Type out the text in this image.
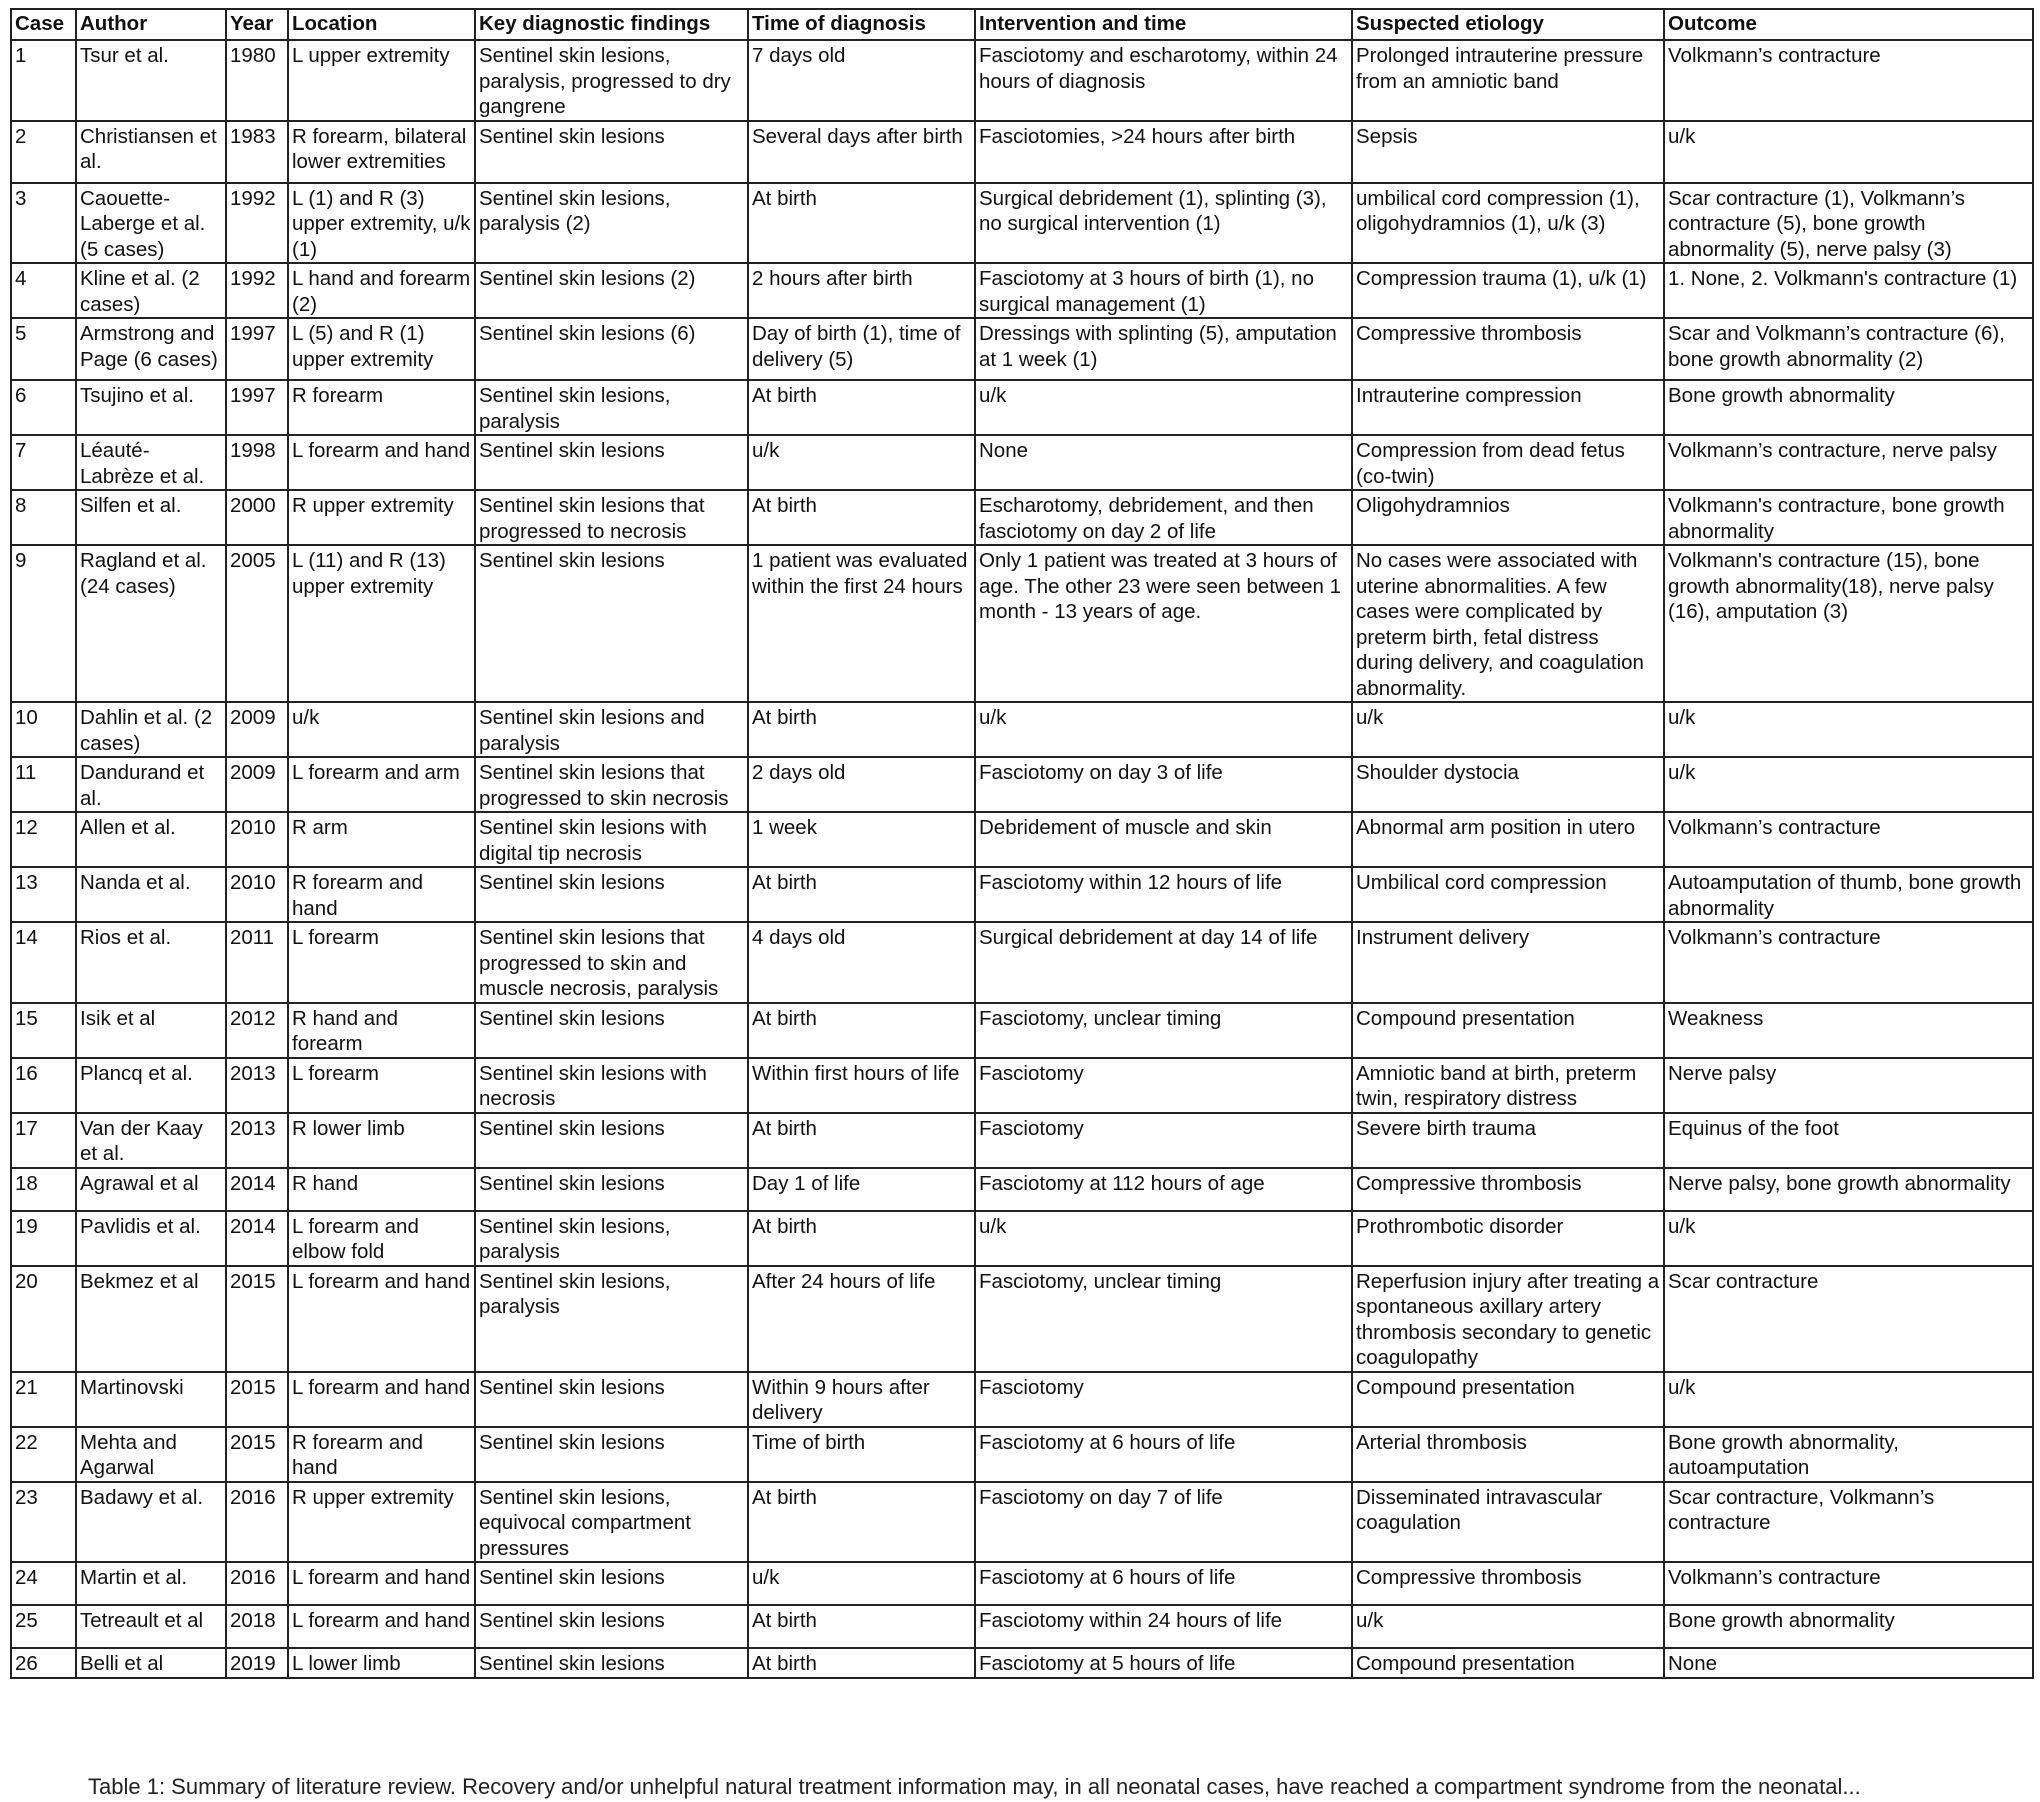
Case	Author	Year	Location	Key diagnostic findings	Time of diagnosis	Intervention and time	Suspected etiology	Outcome
1	Tsur et al.	1980	L upper extremity	Sentinel skin lesions, paralysis, progressed to dry gangrene	7 days old	Fasciotomy and escharotomy, within 24 hours of diagnosis	Prolonged intrauterine pressure from an amniotic band	Volkmann’s contracture
2	Christiansen et al.	1983	R forearm, bilateral lower extremities	Sentinel skin lesions	Several days after birth	Fasciotomies, >24 hours after birth	Sepsis	u/k
3	Caouette-Laberge et al. (5 cases)	1992	L (1) and R (3) upper extremity, u/k (1)	Sentinel skin lesions, paralysis (2)	At birth	Surgical debridement (1), splinting (3), no surgical intervention (1)	umbilical cord compression (1), oligohydramnios (1), u/k (3)	Scar contracture (1), Volkmann’s contracture (5), bone growth abnormality (5), nerve palsy (3)
4	Kline et al. (2 cases)	1992	L hand and forearm (2)	Sentinel skin lesions (2)	2 hours after birth	Fasciotomy at 3 hours of birth (1), no surgical management (1)	Compression trauma (1), u/k (1)	1. None, 2. Volkmann's contracture (1)
5	Armstrong and Page (6 cases)	1997	L (5) and R (1) upper extremity	Sentinel skin lesions (6)	Day of birth (1), time of delivery (5)	Dressings with splinting (5), amputation at 1 week (1)	Compressive thrombosis	Scar and Volkmann’s contracture (6), bone growth abnormality (2)
6	Tsujino et al.	1997	R forearm	Sentinel skin lesions, paralysis	At birth	u/k	Intrauterine compression	Bone growth abnormality
7	Léauté-Labrèze et al.	1998	L forearm and hand	Sentinel skin lesions	u/k	None	Compression from dead fetus (co-twin)	Volkmann’s contracture, nerve palsy
8	Silfen et al.	2000	R upper extremity	Sentinel skin lesions that progressed to necrosis	At birth	Escharotomy, debridement, and then fasciotomy on day 2 of life	Oligohydramnios	Volkmann's contracture, bone growth abnormality
9	Ragland et al. (24 cases)	2005	L (11) and R (13) upper extremity	Sentinel skin lesions	1 patient was evaluated within the first 24 hours	Only 1 patient was treated at 3 hours of age. The other 23 were seen between 1 month - 13 years of age.	No cases were associated with uterine abnormalities. A few cases were complicated by preterm birth, fetal distress during delivery, and coagulation abnormality.	Volkmann's contracture (15), bone growth abnormality(18), nerve palsy (16), amputation (3)
10	Dahlin et al. (2 cases)	2009	u/k	Sentinel skin lesions and paralysis	At birth	u/k	u/k	u/k
11	Dandurand et al.	2009	L forearm and arm	Sentinel skin lesions that progressed to skin necrosis	2 days old	Fasciotomy on day 3 of life	Shoulder dystocia	u/k
12	Allen et al.	2010	R arm	Sentinel skin lesions with digital tip necrosis	1 week	Debridement of muscle and skin	Abnormal arm position in utero	Volkmann’s contracture
13	Nanda et al.	2010	R forearm and hand	Sentinel skin lesions	At birth	Fasciotomy within 12 hours of life	Umbilical cord compression	Autoamputation of thumb, bone growth abnormality
14	Rios et al.	2011	L forearm	Sentinel skin lesions that progressed to skin and muscle necrosis, paralysis	4 days old	Surgical debridement at day 14 of life	Instrument delivery	Volkmann’s contracture
15	Isik et al	2012	R hand and forearm	Sentinel skin lesions	At birth	Fasciotomy, unclear timing	Compound presentation	Weakness
16	Plancq et al.	2013	L forearm	Sentinel skin lesions with necrosis	Within first hours of life	Fasciotomy	Amniotic band at birth, preterm twin, respiratory distress	Nerve palsy
17	Van der Kaay et al.	2013	R lower limb	Sentinel skin lesions	At birth	Fasciotomy	Severe birth trauma	Equinus of the foot
18	Agrawal et al	2014	R hand	Sentinel skin lesions	Day 1 of life	Fasciotomy at 112 hours of age	Compressive thrombosis	Nerve palsy, bone growth abnormality
19	Pavlidis et al.	2014	L forearm and elbow fold	Sentinel skin lesions, paralysis	At birth	u/k	Prothrombotic disorder	u/k
20	Bekmez et al	2015	L forearm and hand	Sentinel skin lesions, paralysis	After 24 hours of life	Fasciotomy, unclear timing	Reperfusion injury after treating a spontaneous axillary artery thrombosis secondary to genetic coagulopathy	Scar contracture
21	Martinovski	2015	L forearm and hand	Sentinel skin lesions	Within 9 hours after delivery	Fasciotomy	Compound presentation	u/k
22	Mehta and Agarwal	2015	R forearm and hand	Sentinel skin lesions	Time of birth	Fasciotomy at 6 hours of life	Arterial thrombosis	Bone growth abnormality, autoamputation
23	Badawy et al.	2016	R upper extremity	Sentinel skin lesions, equivocal compartment pressures	At birth	Fasciotomy on day 7 of life	Disseminated intravascular coagulation	Scar contracture, Volkmann’s contracture
24	Martin et al.	2016	L forearm and hand	Sentinel skin lesions	u/k	Fasciotomy at 6 hours of life	Compressive thrombosis	Volkmann’s contracture
25	Tetreault et al	2018	L forearm and hand	Sentinel skin lesions	At birth	Fasciotomy within 24 hours of life	u/k	Bone growth abnormality
26	Belli et al	2019	L lower limb	Sentinel skin lesions	At birth	Fasciotomy at 5 hours of life	Compound presentation	None
Table 1: Summary of literature review. Recovery and/or unhelpful natural treatment information may, in all neonatal cases, have reached a compartment syndrome from the neonatal...
